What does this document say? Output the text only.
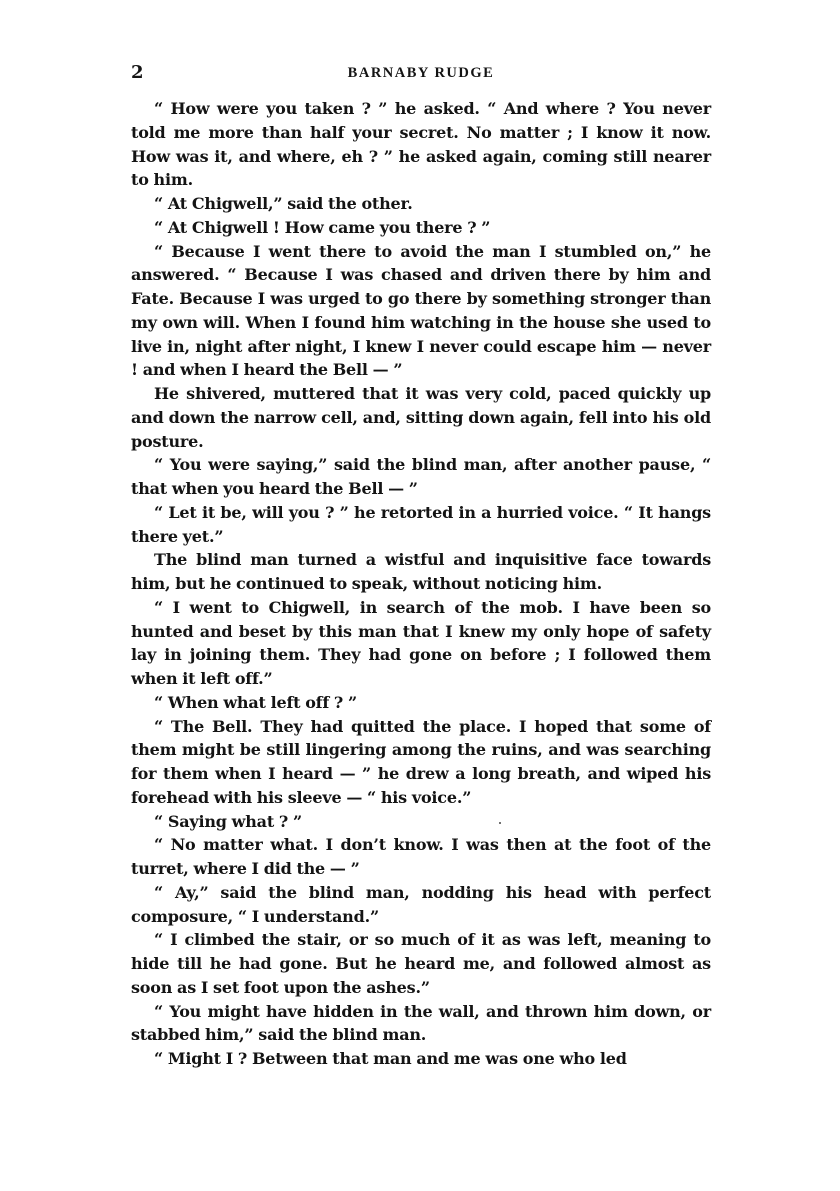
2	BARNABY RUDGE

“ How were you taken ? ” he asked. “ And where ? You never told me more than half your secret. No matter ; I know it now. How was it, and where, eh ? ” he asked again, coming still nearer to him.

“ At Chigwell,” said the other.

“ At Chigwell ! How came you there ? ”

“ Because I went there to avoid the man I stumbled on,” he answered. “ Because I was chased and driven there by him and Fate. Because I was urged to go there by something stronger than my own will. When I found him watching in the house she used to live in, night after night, I knew I never could escape him — never ! and when I heard the Bell — ”

He shivered, muttered that it was very cold, paced quickly up and down the narrow cell, and, sitting down again, fell into his old posture.

“ You were saying,” said the blind man, after another pause, “ that when you heard the Bell — ”

“ Let it be, will you ? ” he retorted in a hurried voice. “ It hangs there yet.”

The blind man turned a wistful and inquisitive face towards him, but he continued to speak, without noticing him.

“ I went to Chigwell, in search of the mob. I have been so hunted and beset by this man that I knew my only hope of safety lay in joining them. They had gone on before ; I followed them when it left off.”

“ When what left off ? ”

“ The Bell. They had quitted the place. I hoped that some of them might be still lingering among the ruins, and was searching for them when I heard — ” he drew a long breath, and wiped his forehead with his sleeve — “ his voice.”

“ Saying what ? ”

“ No matter what. I don’t know. I was then at the foot of the turret, where I did the — ”

“ Ay,” said the blind man, nodding his head with perfect composure, “ I understand.”

“ I climbed the stair, or so much of it as was left, meaning to hide till he had gone. But he heard me, and followed almost as soon as I set foot upon the ashes.”

“ You might have hidden in the wall, and thrown him down, or stabbed him,” said the blind man.

“ Might I ? Between that man and me was one who led
